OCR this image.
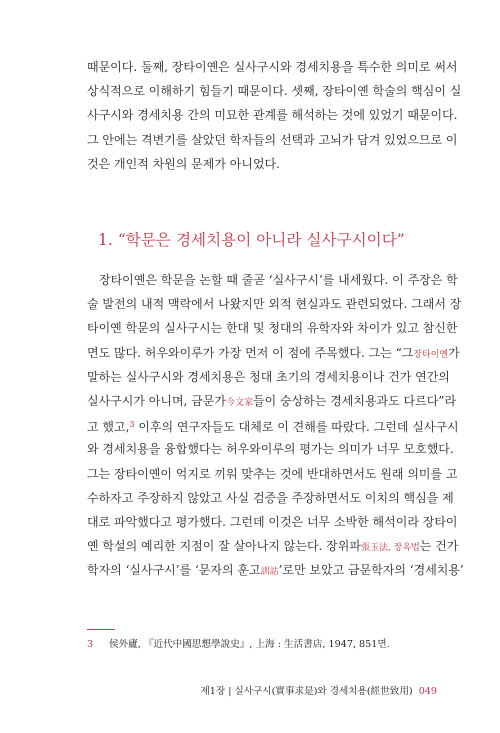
때문이다. 둘째, 장타이옌은 실사구시와 경세치용을 특수한 의미로 써서
상식적으로 이해하기 힘들기 때문이다. 셋째, 장타이옌 학술의 핵심이 실
사구시와 경세치용 간의 미묘한 관계를 해석하는 것에 있었기 때문이다.
그 안에는 격변기를 살았던 학자들의 선택과 고뇌가 담겨 있었으므로 이
것은 개인적 차원의 문제가 아니었다.
1. “학문은 경세치용이 아니라 실사구시이다”
장타이옌은 학문을 논할 때 줄곧 ‘실사구시’를 내세웠다. 이 주장은 학
술 발전의 내적 맥락에서 나왔지만 외적 현실과도 관련되었다. 그래서 장
타이옌 학문의 실사구시는 한대 및 청대의 유학자와 차이가 있고 참신한
면도 많다. 허우와이루가 가장 먼저 이 점에 주목했다. 그는 “그장타이옌가
말하는 실사구시와 경세치용은 청대 초기의 경세치용이나 건가 연간의
실사구시가 아니며, 금문가今文家들이 숭상하는 경세치용과도 다르다”라
고 했고,$^3$ 이후의 연구자들도 대체로 이 견해를 따랐다. 그런데 실사구시
와 경세치용을 융합했다는 허우와이루의 평가는 의미가 너무 모호했다.
그는 장타이옌이 억지로 끼워 맞추는 것에 반대하면서도 원래 의미를 고
수하자고 주장하지 않았고 사실 검증을 주장하면서도 이치의 핵심을 제
대로 파악했다고 평가했다. 그런데 이것은 너무 소박한 해석이라 장타이
옌 학설의 예리한 지점이 잘 살아나지 않는다. 장위파張玉法, 장옥법는 건가
학자의 ‘실사구시’를 ‘문자의 훈고訓詁’로만 보았고 금문학자의 ‘경세치용’
3 侯外廬, 『近代中國思想學說史』, 上海 : 生活書店, 1947, 851면.
제1장 | 실사구시(實事求是)와 경세치용(經世致用) 049
